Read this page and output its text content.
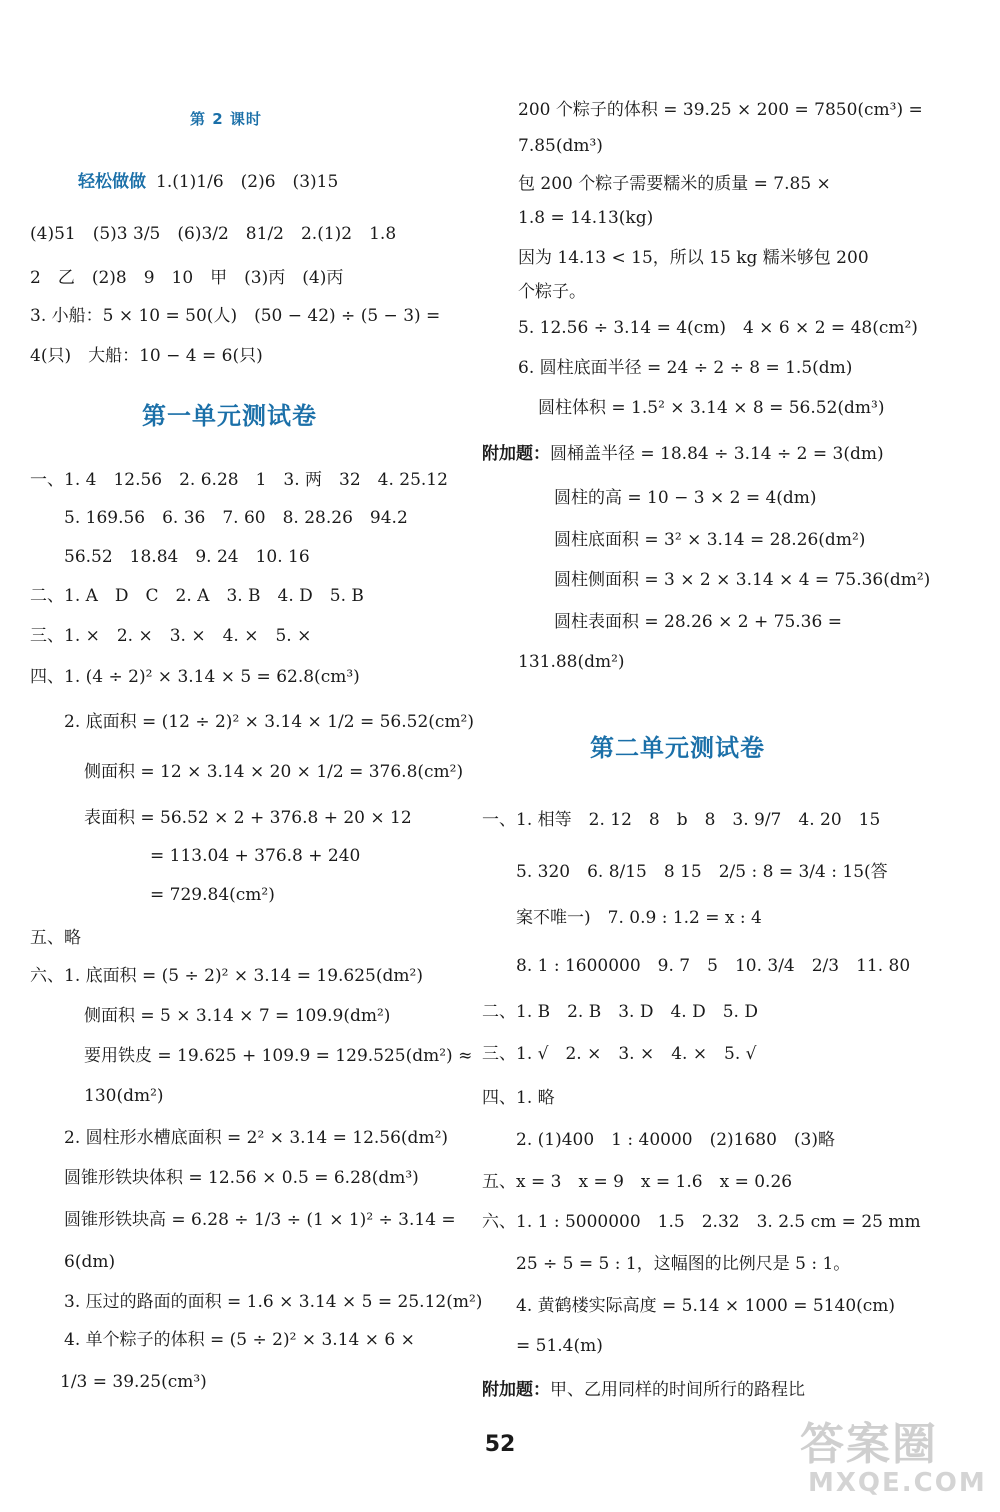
第 2 课时
轻松做做 1.(1)1/6　(2)6　(3)15
(4)51　(5)3 3/5　(6)3/2　81/2　2.(1)2　1.8
2　乙　(2)8　9　10　甲　(3)丙　(4)丙
3. 小船：5 × 10 = 50(人)　(50 − 42) ÷ (5 − 3) =
4(只)　大船：10 − 4 = 6(只)
第一单元测试卷
一、1. 4　12.56　2. 6.28　1　3. 两　32　4. 25.12
5. 169.56　6. 36　7. 60　8. 28.26　94.2
56.52　18.84　9. 24　10. 16
二、1. A　D　C　2. A　3. B　4. D　5. B
三、1. ×　2. ×　3. ×　4. ×　5. ×
四、1. (4 ÷ 2)² × 3.14 × 5 = 62.8(cm³)
2. 底面积 = (12 ÷ 2)² × 3.14 × 1/2 = 56.52(cm²)
侧面积 = 12 × 3.14 × 20 × 1/2 = 376.8(cm²)
表面积 = 56.52 × 2 + 376.8 + 20 × 12
= 113.04 + 376.8 + 240
= 729.84(cm²)
五、略
六、1. 底面积 = (5 ÷ 2)² × 3.14 = 19.625(dm²)
侧面积 = 5 × 3.14 × 7 = 109.9(dm²)
要用铁皮 = 19.625 + 109.9 = 129.525(dm²) ≈
130(dm²)
2. 圆柱形水槽底面积 = 2² × 3.14 = 12.56(dm²)
圆锥形铁块体积 = 12.56 × 0.5 = 6.28(dm³)
圆锥形铁块高 = 6.28 ÷ 1/3 ÷ (1 × 1)² ÷ 3.14 =
6(dm)
3. 压过的路面的面积 = 1.6 × 3.14 × 5 = 25.12(m²)
4. 单个粽子的体积 = (5 ÷ 2)² × 3.14 × 6 ×
1/3 = 39.25(cm³)
200 个粽子的体积 = 39.25 × 200 = 7850(cm³) =
7.85(dm³)
包 200 个粽子需要糯米的质量 = 7.85 ×
1.8 = 14.13(kg)
因为 14.13 < 15，所以 15 kg 糯米够包 200
个粽子。
5. 12.56 ÷ 3.14 = 4(cm)　4 × 6 × 2 = 48(cm²)
6. 圆柱底面半径 = 24 ÷ 2 ÷ 8 = 1.5(dm)
圆柱体积 = 1.5² × 3.14 × 8 = 56.52(dm³)
附加题：圆桶盖半径 = 18.84 ÷ 3.14 ÷ 2 = 3(dm)
圆柱的高 = 10 − 3 × 2 = 4(dm)
圆柱底面积 = 3² × 3.14 = 28.26(dm²)
圆柱侧面积 = 3 × 2 × 3.14 × 4 = 75.36(dm²)
圆柱表面积 = 28.26 × 2 + 75.36 =
131.88(dm²)
第二单元测试卷
一、1. 相等　2. 12　8　b　8　3. 9/7　4. 20　15
5. 320　6. 8/15　8 15　2/5 : 8 = 3/4 : 15(答
案不唯一)　7. 0.9 : 1.2 = x : 4
8. 1 : 1600000　9. 7　5　10. 3/4　2/3　11. 80
二、1. B　2. B　3. D　4. D　5. D
三、1. √　2. ×　3. ×　4. ×　5. √
四、1. 略
2. (1)400　1 : 40000　(2)1680　(3)略
五、x = 3　x = 9　x = 1.6　x = 0.26
六、1. 1 : 5000000　1.5　2.32　3. 2.5 cm = 25 mm
25 ÷ 5 = 5 : 1，这幅图的比例尺是 5 : 1。
4. 黄鹤楼实际高度 = 5.14 × 1000 = 5140(cm)
= 51.4(m)
附加题：甲、乙用同样的时间所行的路程比
52	答案圈
MXQE.COM
